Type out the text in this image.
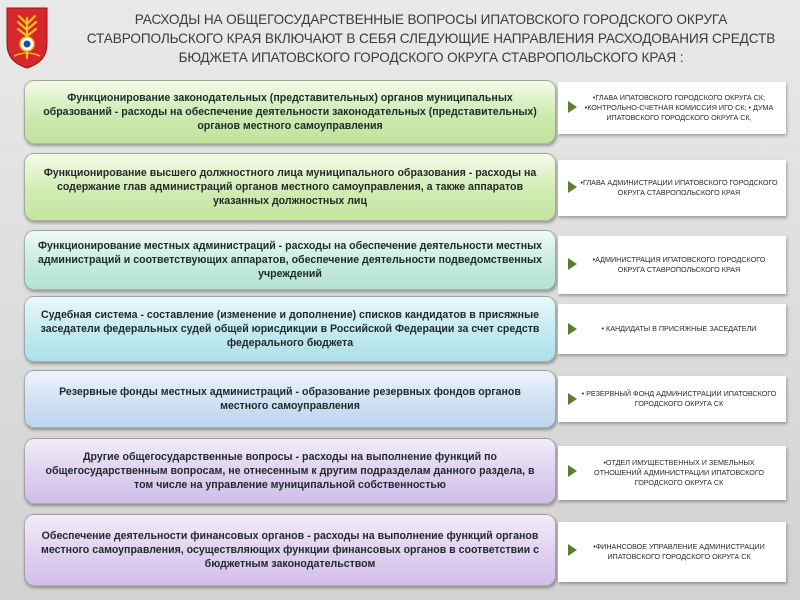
РАСХОДЫ НА ОБЩЕГОСУДАРСТВЕННЫЕ ВОПРОСЫ ИПАТОВСКОГО ГОРОДСКОГО ОКРУГА СТАВРОПОЛЬСКОГО КРАЯ ВКЛЮЧАЮТ В СЕБЯ СЛЕДУЮЩИЕ НАПРАВЛЕНИЯ РАСХОДОВАНИЯ СРЕДСТВ БЮДЖЕТА ИПАТОВСКОГО ГОРОДСКОГО ОКРУГА СТАВРОПОЛЬСКОГО КРАЯ :
Функционирование законодательных (представительных) органов муниципальных образований - расходы на обеспечение деятельности законодательных (представительных) органов местного самоуправления
•ГЛАВА ИПАТОВСКОГО ГОРОДСКОГО ОКРУГА СК; •КОНТРОЛЬНО-СЧЕТНАЯ КОМИССИЯ ИГО СК; • ДУМА ИПАТОВСКОГО ГОРОДСКОГО ОКРУГА СК,
Функционирование высшего должностного лица муниципального образования - расходы на содержание глав администраций органов местного самоуправления, а также аппаратов указанных должностных лиц
•ГЛАВА АДМИНИСТРАЦИИ ИПАТОВСКОГО ГОРОДСКОГО ОКРУГА СТАВРОПОЛЬСКОГО КРАЯ
Функционирование местных администраций - расходы на обеспечение деятельности местных администраций и соответствующих аппаратов, обеспечение деятельности подведомственных учреждений
•АДМИНИСТРАЦИЯ ИПАТОВСКОГО ГОРОДСКОГО ОКРУГА СТАВРОПОЛЬСКОГО КРАЯ
Судебная система - составление (изменение и дополнение) списков кандидатов в присяжные заседатели федеральных судей общей юрисдикции в Российской Федерации за счет средств федерального бюджета
• КАНДИДАТЫ В ПРИСЯЖНЫЕ ЗАСЕДАТЕЛИ
Резервные фонды местных администраций - образование резервных фондов органов местного самоуправления
• РЕЗЕРВНЫЙ ФОНД АДМИНИСТРАЦИИ ИПАТОВСКОГО ГОРОДСКОГО ОКРУГА СК
Другие общегосударственные вопросы - расходы на выполнение функций по общегосударственным вопросам, не отнесенным к другим подразделам данного раздела, в том числе на управление муниципальной собственностью
•ОТДЕЛ ИМУЩЕСТВЕННЫХ И ЗЕМЕЛЬНЫХ ОТНОШЕНИЙ АДМИНИСТРАЦИИ ИПАТОВСКОГО ГОРОДСКОГО ОКРУГА СК
Обеспечение деятельности финансовых органов - расходы на выполнение функций органов местного самоуправления, осуществляющих функции финансовых органов в соответствии с бюджетным законодательством
•ФИНАНСОВОЕ УПРАВЛЕНИЕ АДМИНИСТРАЦИИ ИПАТОВСКОГО ГОРОДСКОГО ОКРУГА СК
